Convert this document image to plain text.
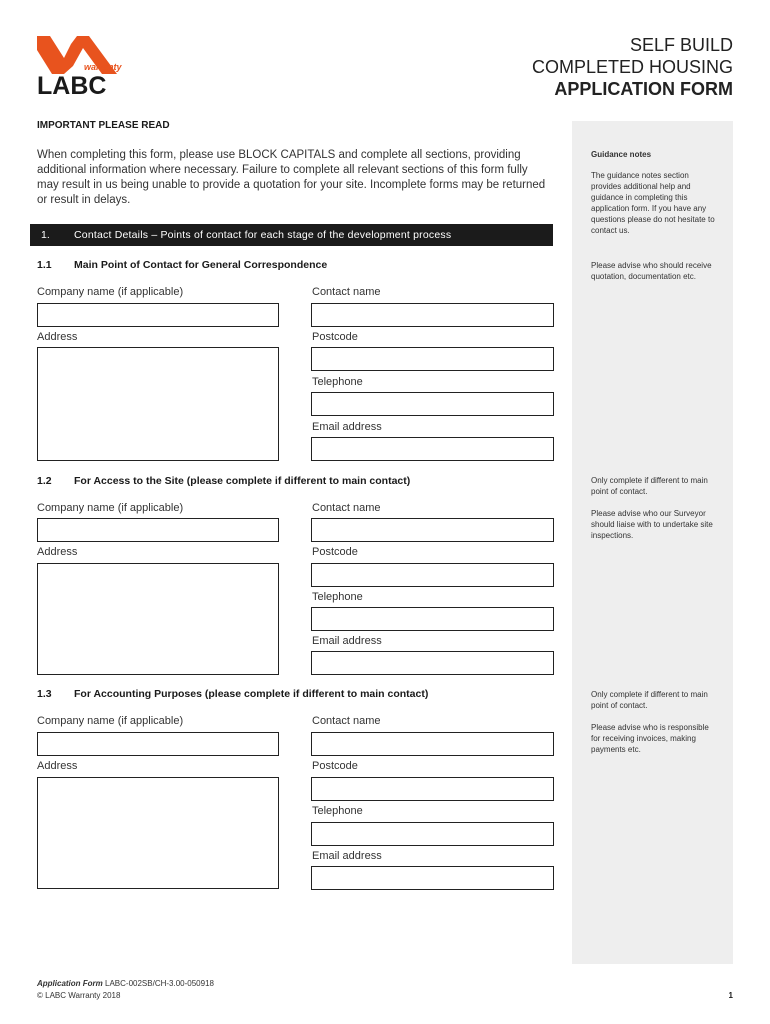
warranty
LABC
SELF BUILD
COMPLETED HOUSING
APPLICATION FORM
Guidance notes
The guidance notes section provides additional help and guidance in completing this application form. If you have any questions please do not hesitate to contact us.
Please advise who should receive quotation, documentation etc.
Only complete if different to main point of contact.
Please advise who our Surveyor should liaise with to undertake site inspections.
Only complete if different to main point of contact.
Please advise who is responsible for receiving invoices, making payments etc.
IMPORTANT PLEASE READ
When completing this form, please use BLOCK CAPITALS and complete all sections, providing additional information where necessary. Failure to complete all relevant sections of this form fully may result in us being unable to provide a quotation for your site. Incomplete forms may be returned or result in delays.
1. Contact Details – Points of contact for each stage of the development process
1.1 Main Point of Contact for General Correspondence
Company name (if applicable)	Contact name
Address	Postcode
Telephone
Email address
1.2 For Access to the Site (please complete if different to main contact)
Company name (if applicable)	Contact name
Address	Postcode
Telephone
Email address
1.3 For Accounting Purposes (please complete if different to main contact)
Company name (if applicable)	Contact name
Address	Postcode
Telephone
Email address
Application Form LABC-002SB/CH-3.00-050918
© LABC Warranty 2018	1
